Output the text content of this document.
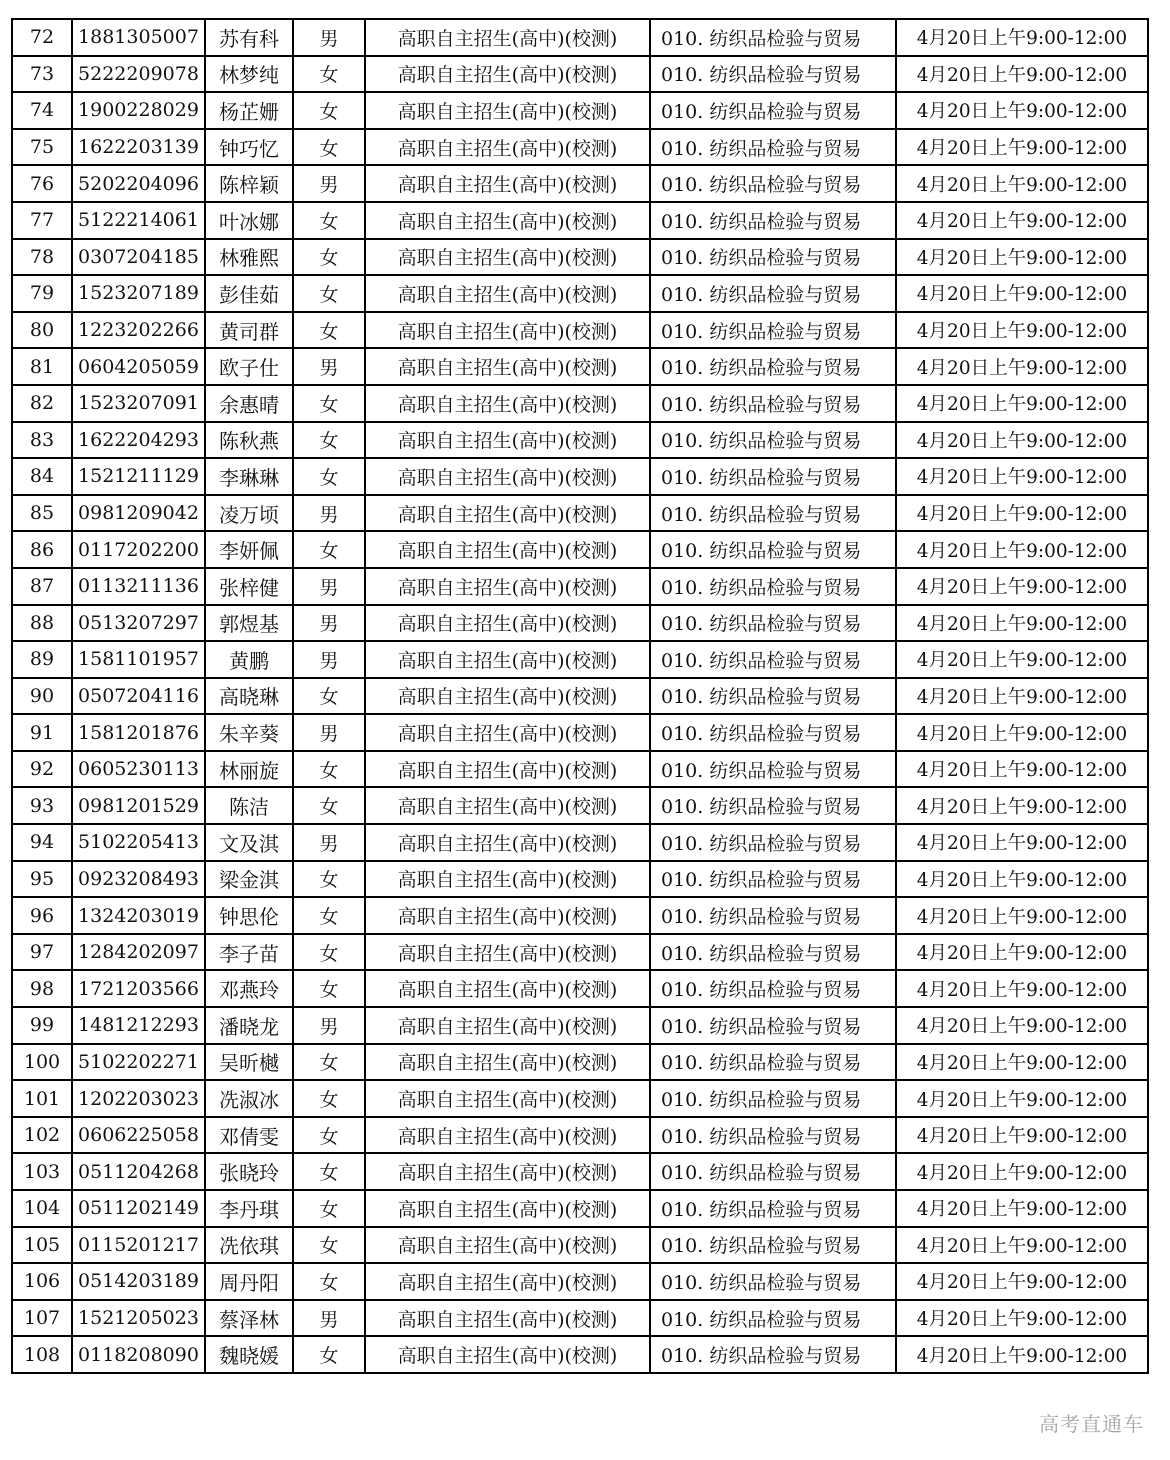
72	1881305007	苏有科	男	高职自主招生(高中)(校测)	010. 纺织品检验与贸易	4月20日上午9:00-12:00
73	5222209078	林梦纯	女	高职自主招生(高中)(校测)	010. 纺织品检验与贸易	4月20日上午9:00-12:00
74	1900228029	杨芷姗	女	高职自主招生(高中)(校测)	010. 纺织品检验与贸易	4月20日上午9:00-12:00
75	1622203139	钟巧忆	女	高职自主招生(高中)(校测)	010. 纺织品检验与贸易	4月20日上午9:00-12:00
76	5202204096	陈梓颖	男	高职自主招生(高中)(校测)	010. 纺织品检验与贸易	4月20日上午9:00-12:00
77	5122214061	叶冰娜	女	高职自主招生(高中)(校测)	010. 纺织品检验与贸易	4月20日上午9:00-12:00
78	0307204185	林雅熙	女	高职自主招生(高中)(校测)	010. 纺织品检验与贸易	4月20日上午9:00-12:00
79	1523207189	彭佳茹	女	高职自主招生(高中)(校测)	010. 纺织品检验与贸易	4月20日上午9:00-12:00
80	1223202266	黄司群	女	高职自主招生(高中)(校测)	010. 纺织品检验与贸易	4月20日上午9:00-12:00
81	0604205059	欧子仕	男	高职自主招生(高中)(校测)	010. 纺织品检验与贸易	4月20日上午9:00-12:00
82	1523207091	余惠晴	女	高职自主招生(高中)(校测)	010. 纺织品检验与贸易	4月20日上午9:00-12:00
83	1622204293	陈秋燕	女	高职自主招生(高中)(校测)	010. 纺织品检验与贸易	4月20日上午9:00-12:00
84	1521211129	李琳琳	女	高职自主招生(高中)(校测)	010. 纺织品检验与贸易	4月20日上午9:00-12:00
85	0981209042	凌万顷	男	高职自主招生(高中)(校测)	010. 纺织品检验与贸易	4月20日上午9:00-12:00
86	0117202200	李妍佩	女	高职自主招生(高中)(校测)	010. 纺织品检验与贸易	4月20日上午9:00-12:00
87	0113211136	张梓健	男	高职自主招生(高中)(校测)	010. 纺织品检验与贸易	4月20日上午9:00-12:00
88	0513207297	郭煜基	男	高职自主招生(高中)(校测)	010. 纺织品检验与贸易	4月20日上午9:00-12:00
89	1581101957	黄鹏	男	高职自主招生(高中)(校测)	010. 纺织品检验与贸易	4月20日上午9:00-12:00
90	0507204116	高晓琳	女	高职自主招生(高中)(校测)	010. 纺织品检验与贸易	4月20日上午9:00-12:00
91	1581201876	朱辛葵	男	高职自主招生(高中)(校测)	010. 纺织品检验与贸易	4月20日上午9:00-12:00
92	0605230113	林丽旋	女	高职自主招生(高中)(校测)	010. 纺织品检验与贸易	4月20日上午9:00-12:00
93	0981201529	陈洁	女	高职自主招生(高中)(校测)	010. 纺织品检验与贸易	4月20日上午9:00-12:00
94	5102205413	文及淇	男	高职自主招生(高中)(校测)	010. 纺织品检验与贸易	4月20日上午9:00-12:00
95	0923208493	梁金淇	女	高职自主招生(高中)(校测)	010. 纺织品检验与贸易	4月20日上午9:00-12:00
96	1324203019	钟思伦	女	高职自主招生(高中)(校测)	010. 纺织品检验与贸易	4月20日上午9:00-12:00
97	1284202097	李子苗	女	高职自主招生(高中)(校测)	010. 纺织品检验与贸易	4月20日上午9:00-12:00
98	1721203566	邓燕玲	女	高职自主招生(高中)(校测)	010. 纺织品检验与贸易	4月20日上午9:00-12:00
99	1481212293	潘晓龙	男	高职自主招生(高中)(校测)	010. 纺织品检验与贸易	4月20日上午9:00-12:00
100	5102202271	吴昕樾	女	高职自主招生(高中)(校测)	010. 纺织品检验与贸易	4月20日上午9:00-12:00
101	1202203023	冼淑冰	女	高职自主招生(高中)(校测)	010. 纺织品检验与贸易	4月20日上午9:00-12:00
102	0606225058	邓倩雯	女	高职自主招生(高中)(校测)	010. 纺织品检验与贸易	4月20日上午9:00-12:00
103	0511204268	张晓玲	女	高职自主招生(高中)(校测)	010. 纺织品检验与贸易	4月20日上午9:00-12:00
104	0511202149	李丹琪	女	高职自主招生(高中)(校测)	010. 纺织品检验与贸易	4月20日上午9:00-12:00
105	0115201217	冼依琪	女	高职自主招生(高中)(校测)	010. 纺织品检验与贸易	4月20日上午9:00-12:00
106	0514203189	周丹阳	女	高职自主招生(高中)(校测)	010. 纺织品检验与贸易	4月20日上午9:00-12:00
107	1521205023	蔡泽林	男	高职自主招生(高中)(校测)	010. 纺织品检验与贸易	4月20日上午9:00-12:00
108	0118208090	魏晓媛	女	高职自主招生(高中)(校测)	010. 纺织品检验与贸易	4月20日上午9:00-12:00
高考直通车
